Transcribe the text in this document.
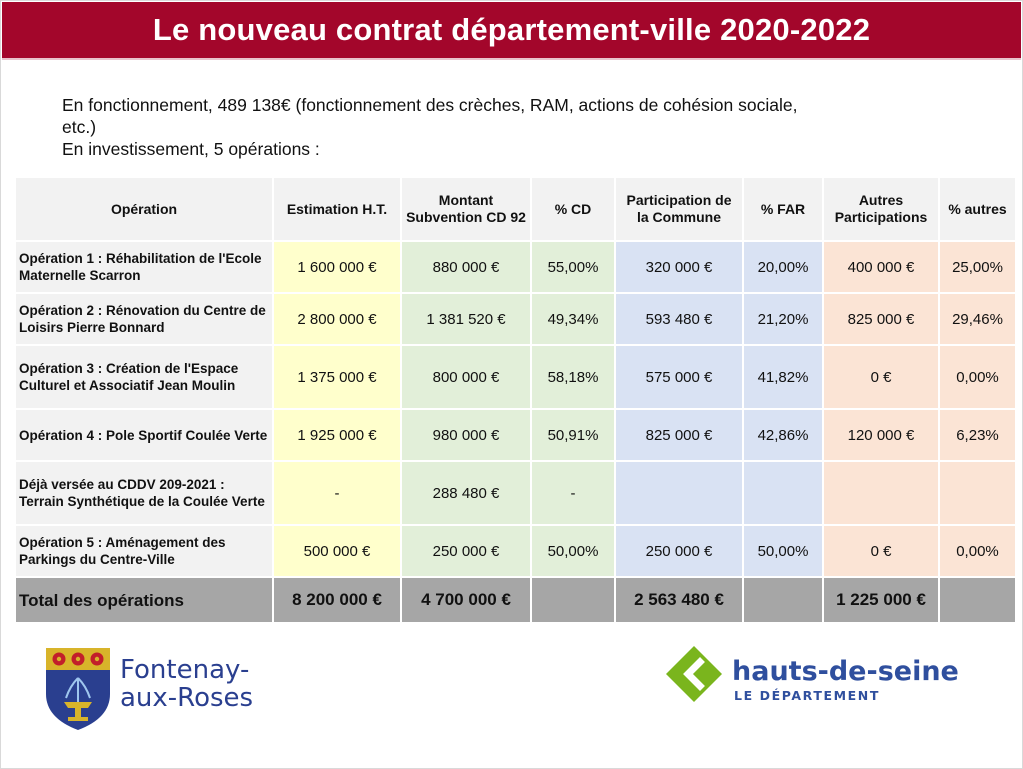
Le nouveau contrat département-ville 2020-2022

En fonctionnement, 489 138€ (fonctionnement des crèches, RAM, actions de cohésion sociale,

etc.)

En investissement, 5 opérations :

Opération	Estimation H.T.	Montant Subvention CD 92	% CD	Participation de la Commune	% FAR	Autres Participations	% autres
Opération 1 : Réhabilitation de l'Ecole Maternelle Scarron	1 600 000 €	880 000 €	55,00%	320 000 €	20,00%	400 000 €	25,00%
Opération 2 : Rénovation du Centre de Loisirs Pierre Bonnard	2 800 000 €	1 381 520 €	49,34%	593 480 €	21,20%	825 000 €	29,46%
Opération 3 : Création de l'Espace Culturel et Associatif Jean Moulin	1 375 000 €	800 000 €	58,18%	575 000 €	41,82%	0 €	0,00%
Opération 4 : Pole Sportif Coulée Verte	1 925 000 €	980 000 €	50,91%	825 000 €	42,86%	120 000 €	6,23%
Déjà versée au CDDV 209-2021 : Terrain Synthétique de la Coulée Verte	-	288 480 €	-				
Opération 5 : Aménagement des Parkings du Centre-Ville	500 000 €	250 000 €	50,00%	250 000 €	50,00%	0 €	0,00%
Total des opérations	8 200 000 €	4 700 000 €		2 563 480 €		1 225 000 €	
Fontenay-
aux-Roses
hauts-de-seine
LE DÉPARTEMENT
